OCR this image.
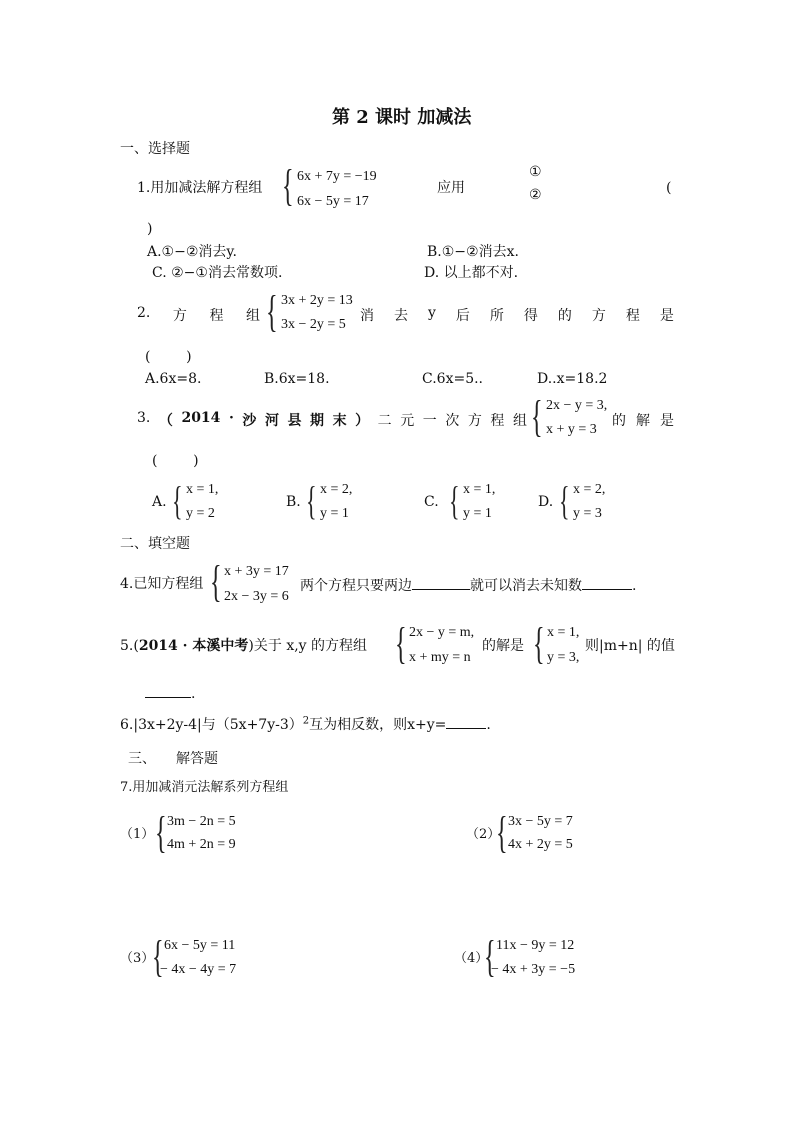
第 2 课时 加减法
一、选择题
1.用加减法解方程组 { 6x + 7y = −19
6x − 5y = 17
应用
①
②	(
)
A.①−②消去y.	B.①−②消去x.
C. ②−①消去常数项.	D. 以上都不对.
2. 方 程 组 { 3x + 2y = 13
3x − 2y = 5
消 去 y 后 所 得 的 方 程 是
(        )
A.6x=8.	B.6x=18.	C.6x=5..	D..x=18.2
3. （ 2014 · 沙 河 县 期 末 ） 二 元 一 次 方 程 组 { 2x − y = 3,
x + y = 3
的 解 是
(        )
A. { x = 1,
y = 2
B. { x = 2,
y = 1
C. { x = 1,
y = 1
D. { x = 2,
y = 3
二、填空题
4.已知方程组 { x + 3y = 17
2x − 3y = 6
两个方程只要两边	就可以消去未知数	.
5.(2014 · 本溪中考)关于 x,y 的方程组 { 2x − y = m,
x + my = n
的解是 { x = 1,
y = 3,
则|m+n| 的值
.
6.|3x+2y-4|与$(5x+7y-3)^2$互为相反数，则x+y=	.
三、 解答题
7.用加减消元法解系列方程组
（1） { 3m − 2n = 5
4m + 2n = 9
（2）
{ 3x − 5y = 7
4x + 2y = 5
（3）
{ 6x − 5y = 11
− 4x − 4y = 7
（4）
{ 11x − 9y = 12
− 4x + 3y = −5
